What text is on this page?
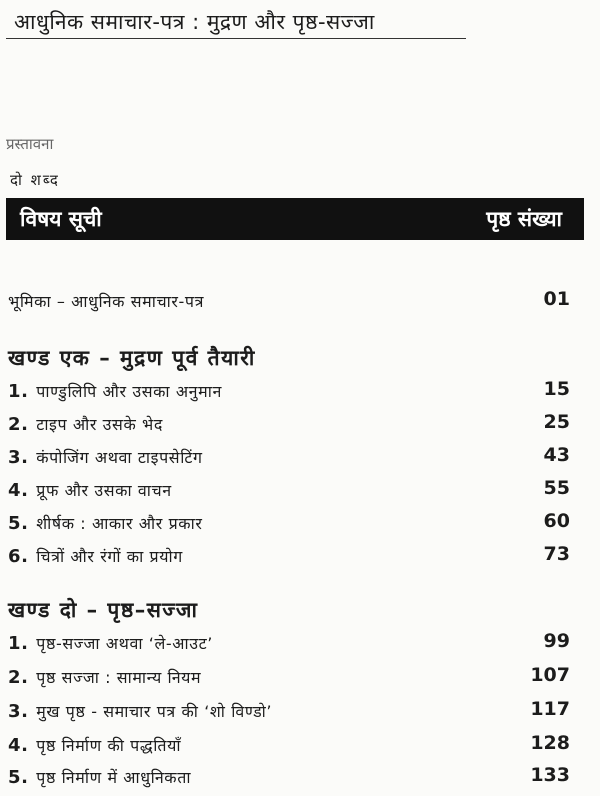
आधुनिक समाचार-पत्र : मुद्रण और पृष्ठ-सज्जा
प्रस्तावना
दो शब्द
विषय सूची	पृष्ठ संख्या
भूमिका – आधुनिक समाचार-पत्र	01
खण्ड एक – मुद्रण पूर्व तैयारी
1. पाण्डुलिपि और उसका अनुमान	15
2. टाइप और उसके भेद	25
3. कंपोजिंग अथवा टाइपसेटिंग	43
4. प्रूफ और उसका वाचन	55
5. शीर्षक : आकार और प्रकार	60
6. चित्रों और रंगों का प्रयोग	73
खण्ड दो – पृष्ठ–सज्जा
1. पृष्ठ-सज्जा अथवा ‘ले-आउट’	99
2. पृष्ठ सज्जा : सामान्य नियम	107
3. मुख पृष्ठ - समाचार पत्र की ‘शो विण्डो’	117
4. पृष्ठ निर्माण की पद्धतियाँ	128
5. पृष्ठ निर्माण में आधुनिकता	133
